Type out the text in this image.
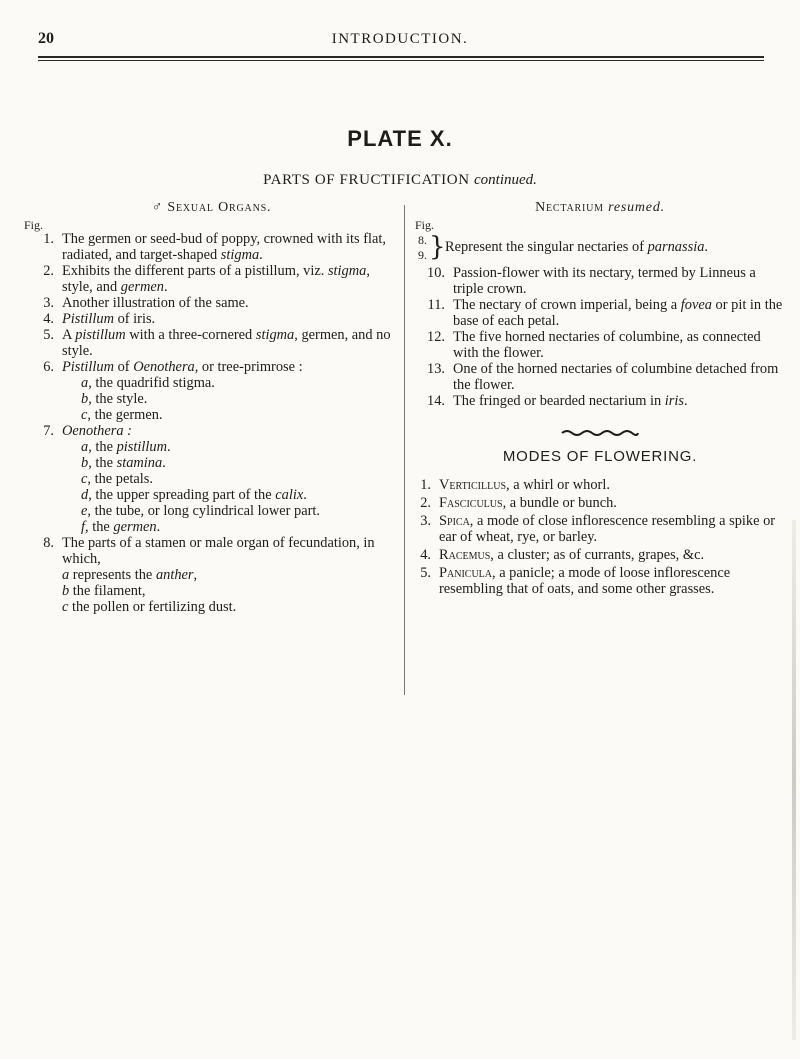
20	INTRODUCTION.
PLATE X.
PARTS OF FRUCTIFICATION continued.
♂ Sexual Organs.
Fig.

1. The germen or seed-bud of poppy, crowned with its flat, radiated, and target-shaped stigma.

2. Exhibits the different parts of a pistillum, viz. stigma, style, and germen.

3. Another illustration of the same.

4. Pistillum of iris.

5. A pistillum with a three-cornered stigma, germen, and no style.

6. Pistillum of Oenothera, or tree-primrose :

a, the quadrifid stigma.

b, the style.

c, the germen.

7. Oenothera :

a, the pistillum.

b, the stamina.

c, the petals.

d, the upper spreading part of the calix.

e, the tube, or long cylindrical lower part.

f, the germen.

8. The parts of a stamen or male organ of fecundation, in which,

a represents the anther,

b the filament,

c the pollen or fertilizing dust.

Nectarium resumed.
Fig.
8.
9. } Represent the singular nectaries of parnassia.

10. Passion-flower with its nectary, termed by Linneus a triple crown.

11. The nectary of crown imperial, being a fovea or pit in the base of each petal.

12. The five horned nectaries of columbine, as connected with the flower.

13. One of the horned nectaries of columbine detached from the flower.

14. The fringed or bearded nectarium in iris.

MODES OF FLOWERING.

1. Verticillus, a whirl or whorl.

2. Fasciculus, a bundle or bunch.

3. Spica, a mode of close inflorescence resembling a spike or ear of wheat, rye, or barley.

4. Racemus, a cluster; as of currants, grapes, &c.

5. Panicula, a panicle; a mode of loose inflorescence resembling that of oats, and some other grasses.
